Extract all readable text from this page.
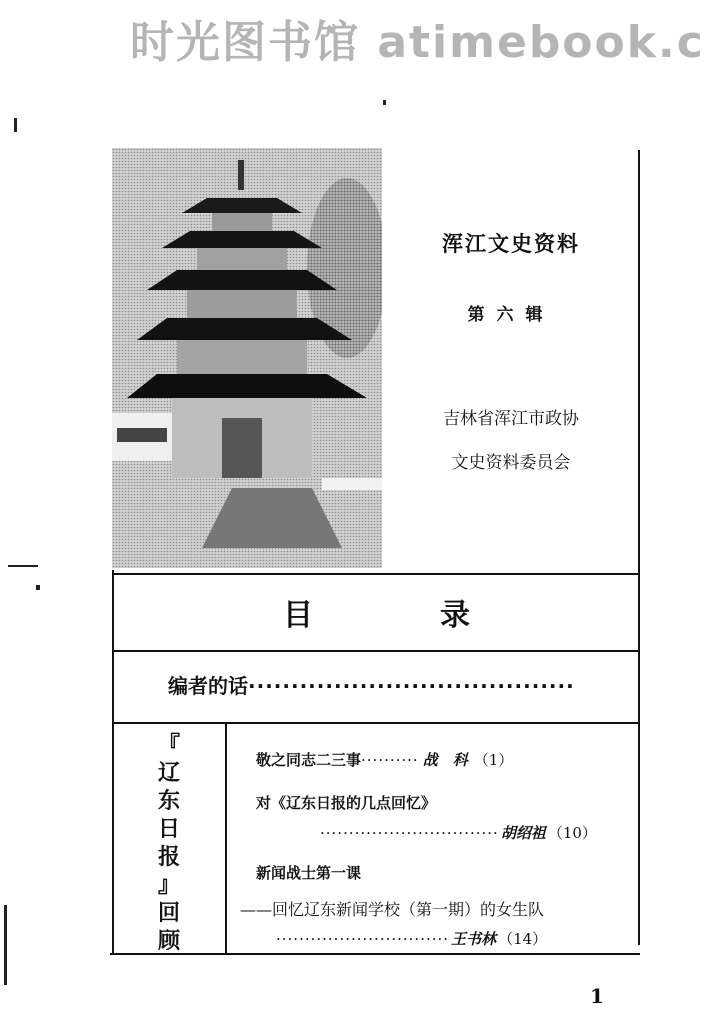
时光图书馆 atimebook.c
浑江文史资料
第六辑
吉林省浑江市政协
文史资料委员会
目	录
编者的话······································
『
辽
东
日
报
』
回
顾
敬之同志二三事·········· 战　科 （1）
对《辽东日报的几点回忆》
······························· 胡绍祖 （10）
新闻战士第一课
——回忆辽东新闻学校（第一期）的女生队
······························ 王书林 （14）
1
